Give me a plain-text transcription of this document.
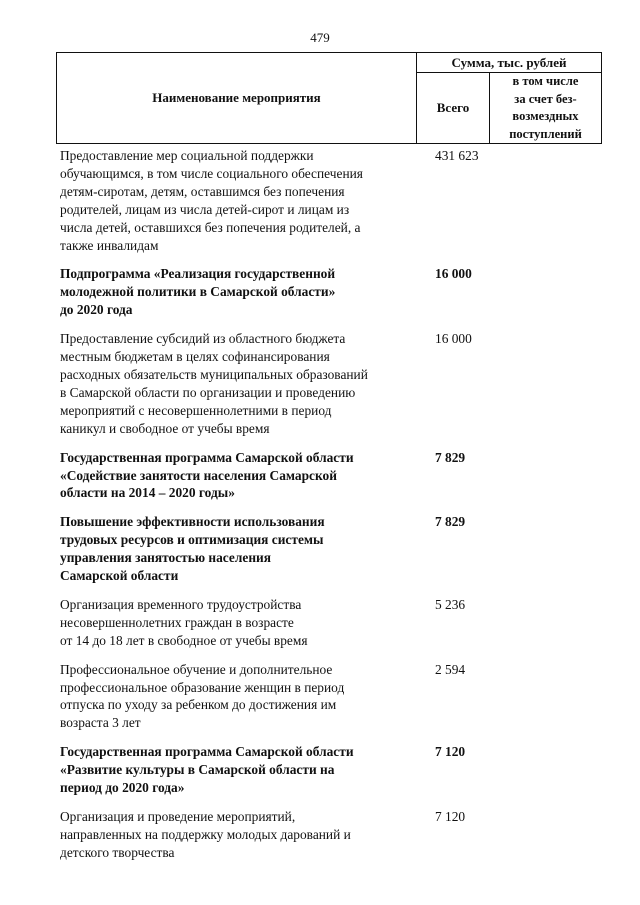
479
Наименование мероприятия
Сумма, тыс. рублей
Всего
в том числе
за счет без-
возмездных
поступлений
Предоставление мер социальной поддержки
обучающимся, в том числе социального обеспечения
детям-сиротам, детям, оставшимся без попечения
родителей, лицам из числа детей-сирот и лицам из
числа детей, оставшихся без попечения родителей, а
также инвалидам
431 623
Подпрограмма «Реализация государственной
молодежной политики в Самарской области»
до 2020 года
16 000
Предоставление субсидий из областного бюджета
местным бюджетам в целях софинансирования
расходных обязательств муниципальных образований
в Самарской области по организации и проведению
мероприятий с несовершеннолетними в период
каникул и свободное от учебы время
16 000
Государственная программа Самарской области
«Содействие занятости населения Самарской
области на 2014 – 2020 годы»
7 829
Повышение эффективности использования
трудовых ресурсов и оптимизация системы
управления занятостью населения
Самарской области
7 829
Организация временного трудоустройства
несовершеннолетних граждан в возрасте
от 14 до 18 лет в свободное от учебы время
5 236
Профессиональное обучение и дополнительное
профессиональное образование женщин в период
отпуска по уходу за ребенком до достижения им
возраста 3 лет
2 594
Государственная программа Самарской области
«Развитие культуры в Самарской области на
период до 2020 года»
7 120
Организация и проведение мероприятий,
направленных на поддержку молодых дарований и
детского творчества
7 120
